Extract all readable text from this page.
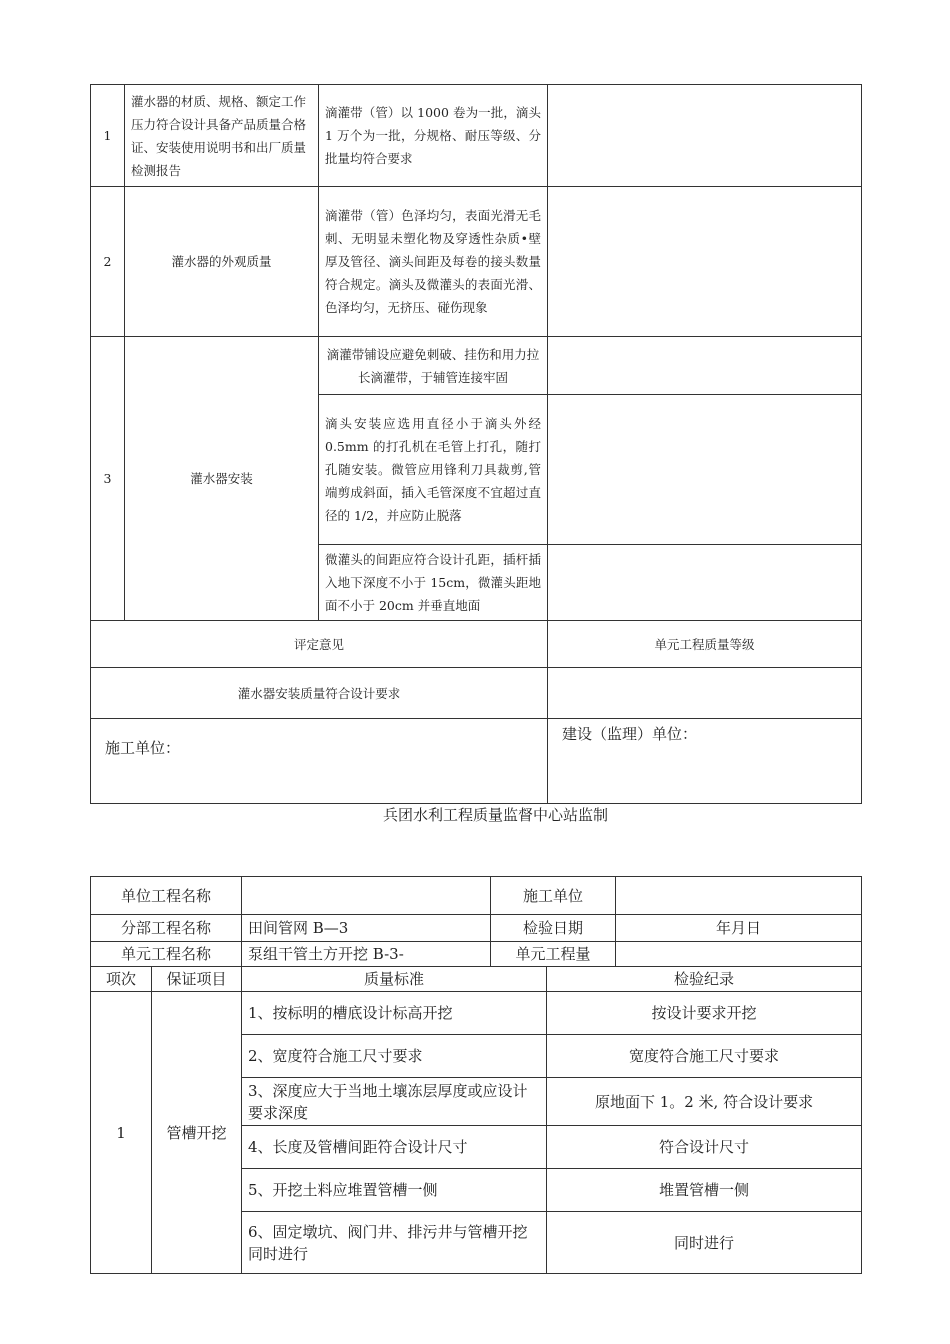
1	灌水器的材质、规格、额定工作压力符合设计具备产品质量合格证、安装使用说明书和出厂质量检测报告	滴灌带（管）以 1000 卷为一批，滴头 1 万个为一批，分规格、耐压等级、分批量均符合要求	
2	灌水器的外观质量	滴灌带（管）色泽均匀，表面光滑无毛刺、无明显未塑化物及穿透性杂质•壁厚及管径、滴头间距及每卷的接头数量符合规定。滴头及微灌头的表面光滑、色泽均匀，无挤压、碰伤现象	
3	灌水器安装	滴灌带铺设应避免刺破、挂伤和用力拉长滴灌带，于辅管连接牢固	
		滴头安装应选用直径小于滴头外经 0.5mm 的打孔机在毛管上打孔，随打孔随安装。微管应用锋利刀具裁剪,管端剪成斜面，插入毛管深度不宜超过直径的 1/2，并应防止脱落	
		微灌头的间距应符合设计孔距，插杆插入地下深度不小于 15cm，微灌头距地面不小于 20cm 并垂直地面	
评定意见			单元工程质量等级
灌水器安装质量符合设计要求			
施工单位：			建设（监理）单位：
兵团水利工程质量监督中心站监制
单位工程名称			施工单位		
分部工程名称		田间管网 B—3	检验日期		年月日
单元工程名称		泵组干管土方开挖 B-3-	单元工程量		
项次	保证项目	质量标准		检验纪录	
1	管槽开挖	1、按标明的槽底设计标高开挖		按设计要求开挖	
		2、宽度符合施工尺寸要求		宽度符合施工尺寸要求	
		3、深度应大于当地土壤冻层厚度或应设计要求深度		原地面下 1。2 米, 符合设计要求	
		4、长度及管槽间距符合设计尺寸		符合设计尺寸	
		5、开挖土料应堆置管槽一侧		堆置管槽一侧	
		6、固定墩坑、阀门井、排污井与管槽开挖同时进行		同时进行	
